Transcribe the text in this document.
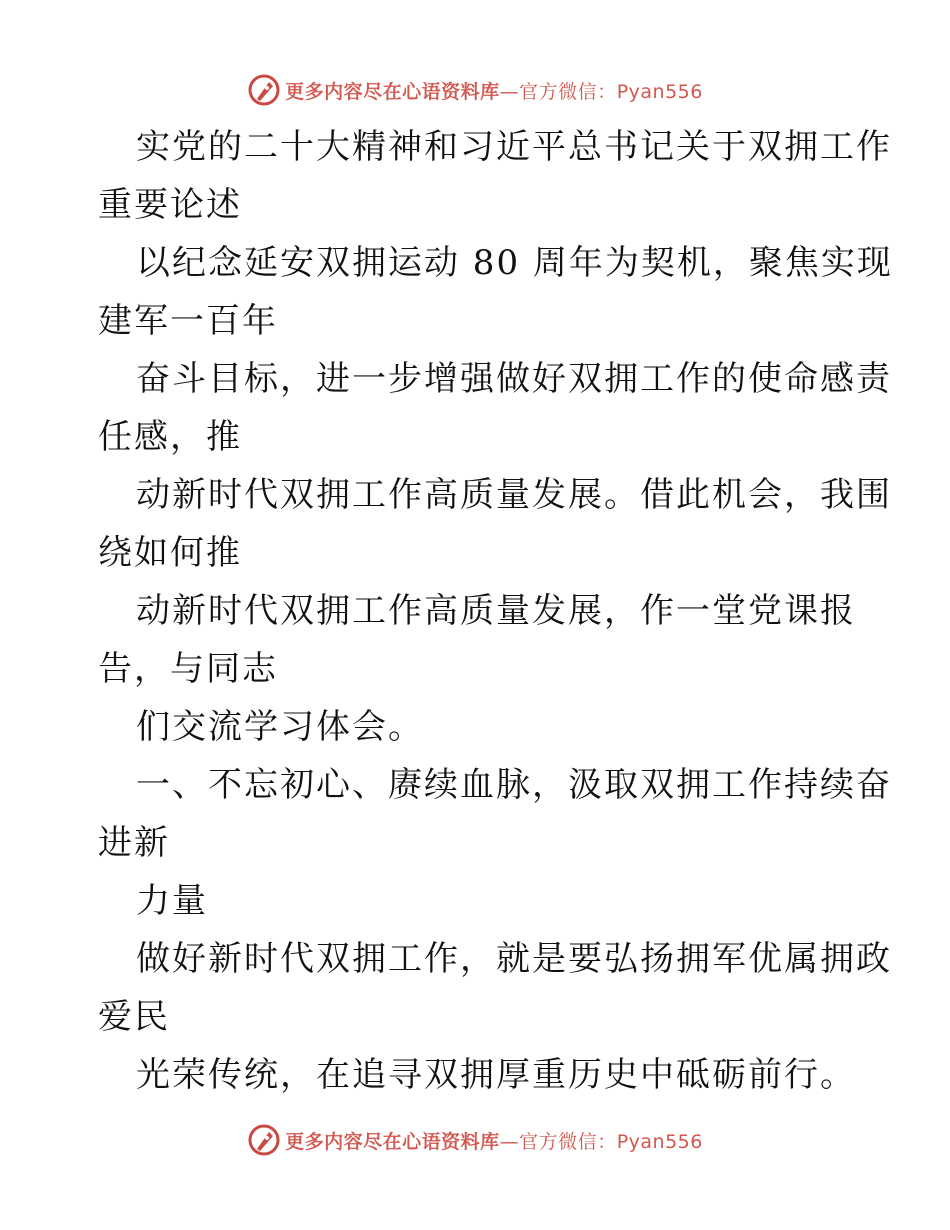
更多内容尽在心语资料库—官方微信：Pyan556
实党的二十大精神和习近平总书记关于双拥工作
重要论述
以纪念延安双拥运动 80 周年为契机，聚焦实现
建军一百年
奋斗目标，进一步增强做好双拥工作的使命感责
任感，推
动新时代双拥工作高质量发展。借此机会，我围
绕如何推
动新时代双拥工作高质量发展，作一堂党课报
告，与同志
们交流学习体会。
一、不忘初心、赓续血脉，汲取双拥工作持续奋
进新
力量
做好新时代双拥工作，就是要弘扬拥军优属拥政
爱民
光荣传统，在追寻双拥厚重历史中砥砺前行。
更多内容尽在心语资料库—官方微信：Pyan556
